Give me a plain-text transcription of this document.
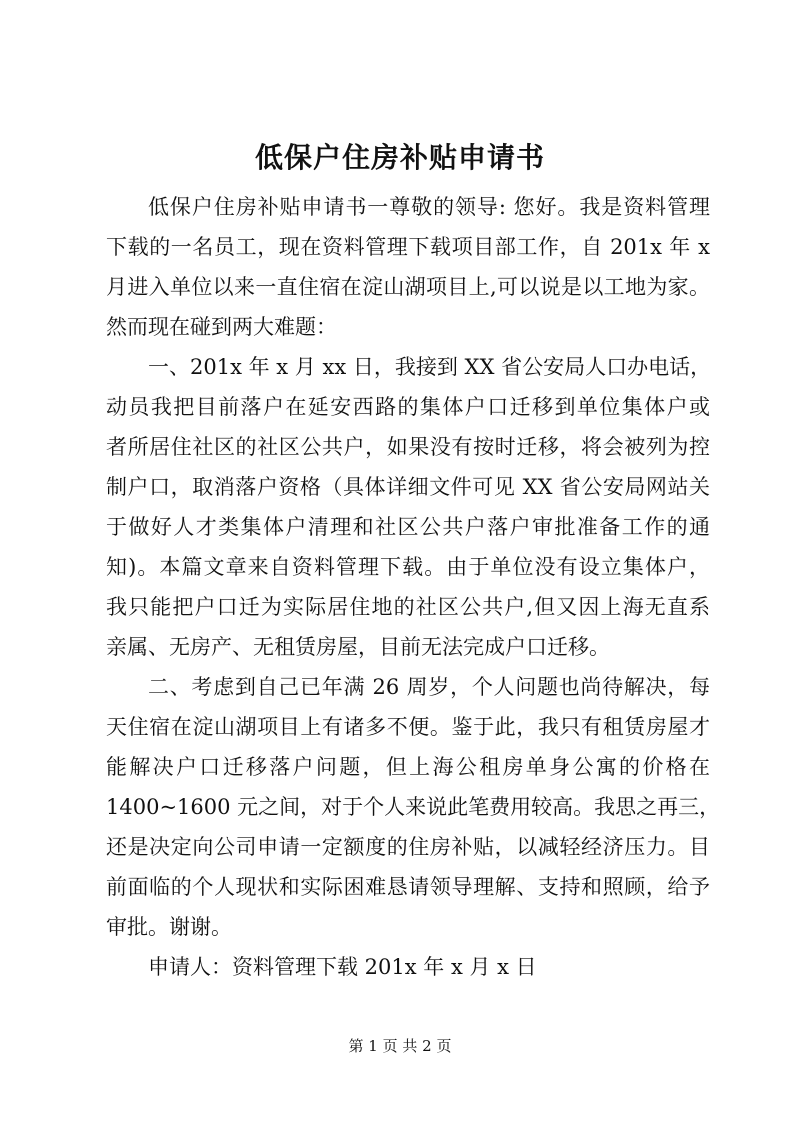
低保户住房补贴申请书
低保户住房补贴申请书一尊敬的领导: 您好。我是资料管理
下载的一名员工，现在资料管理下载项目部工作，自 201x 年 x
月进入单位以来一直住宿在淀山湖项目上,可以说是以工地为家。
然而现在碰到两大难题：
一、201x 年 x 月 xx 日，我接到 XX 省公安局人口办电话，
动员我把目前落户在延安西路的集体户口迁移到单位集体户或
者所居住社区的社区公共户，如果没有按时迁移，将会被列为控
制户口，取消落户资格（具体详细文件可见 XX 省公安局网站关
于做好人才类集体户清理和社区公共户落户审批准备工作的通
知)。本篇文章来自资料管理下载。由于单位没有设立集体户，
我只能把户口迁为实际居住地的社区公共户,但又因上海无直系
亲属、无房产、无租赁房屋，目前无法完成户口迁移。
二、考虑到自己已年满 26 周岁，个人问题也尚待解决，每
天住宿在淀山湖项目上有诸多不便。鉴于此，我只有租赁房屋才
能解决户口迁移落户问题，但上海公租房单身公寓的价格在
1400~1600 元之间，对于个人来说此笔费用较高。我思之再三，
还是决定向公司申请一定额度的住房补贴，以减轻经济压力。目
前面临的个人现状和实际困难恳请领导理解、支持和照顾，给予
审批。谢谢。
申请人：资料管理下载 201x 年 x 月 x 日
第 1 页 共 2 页
